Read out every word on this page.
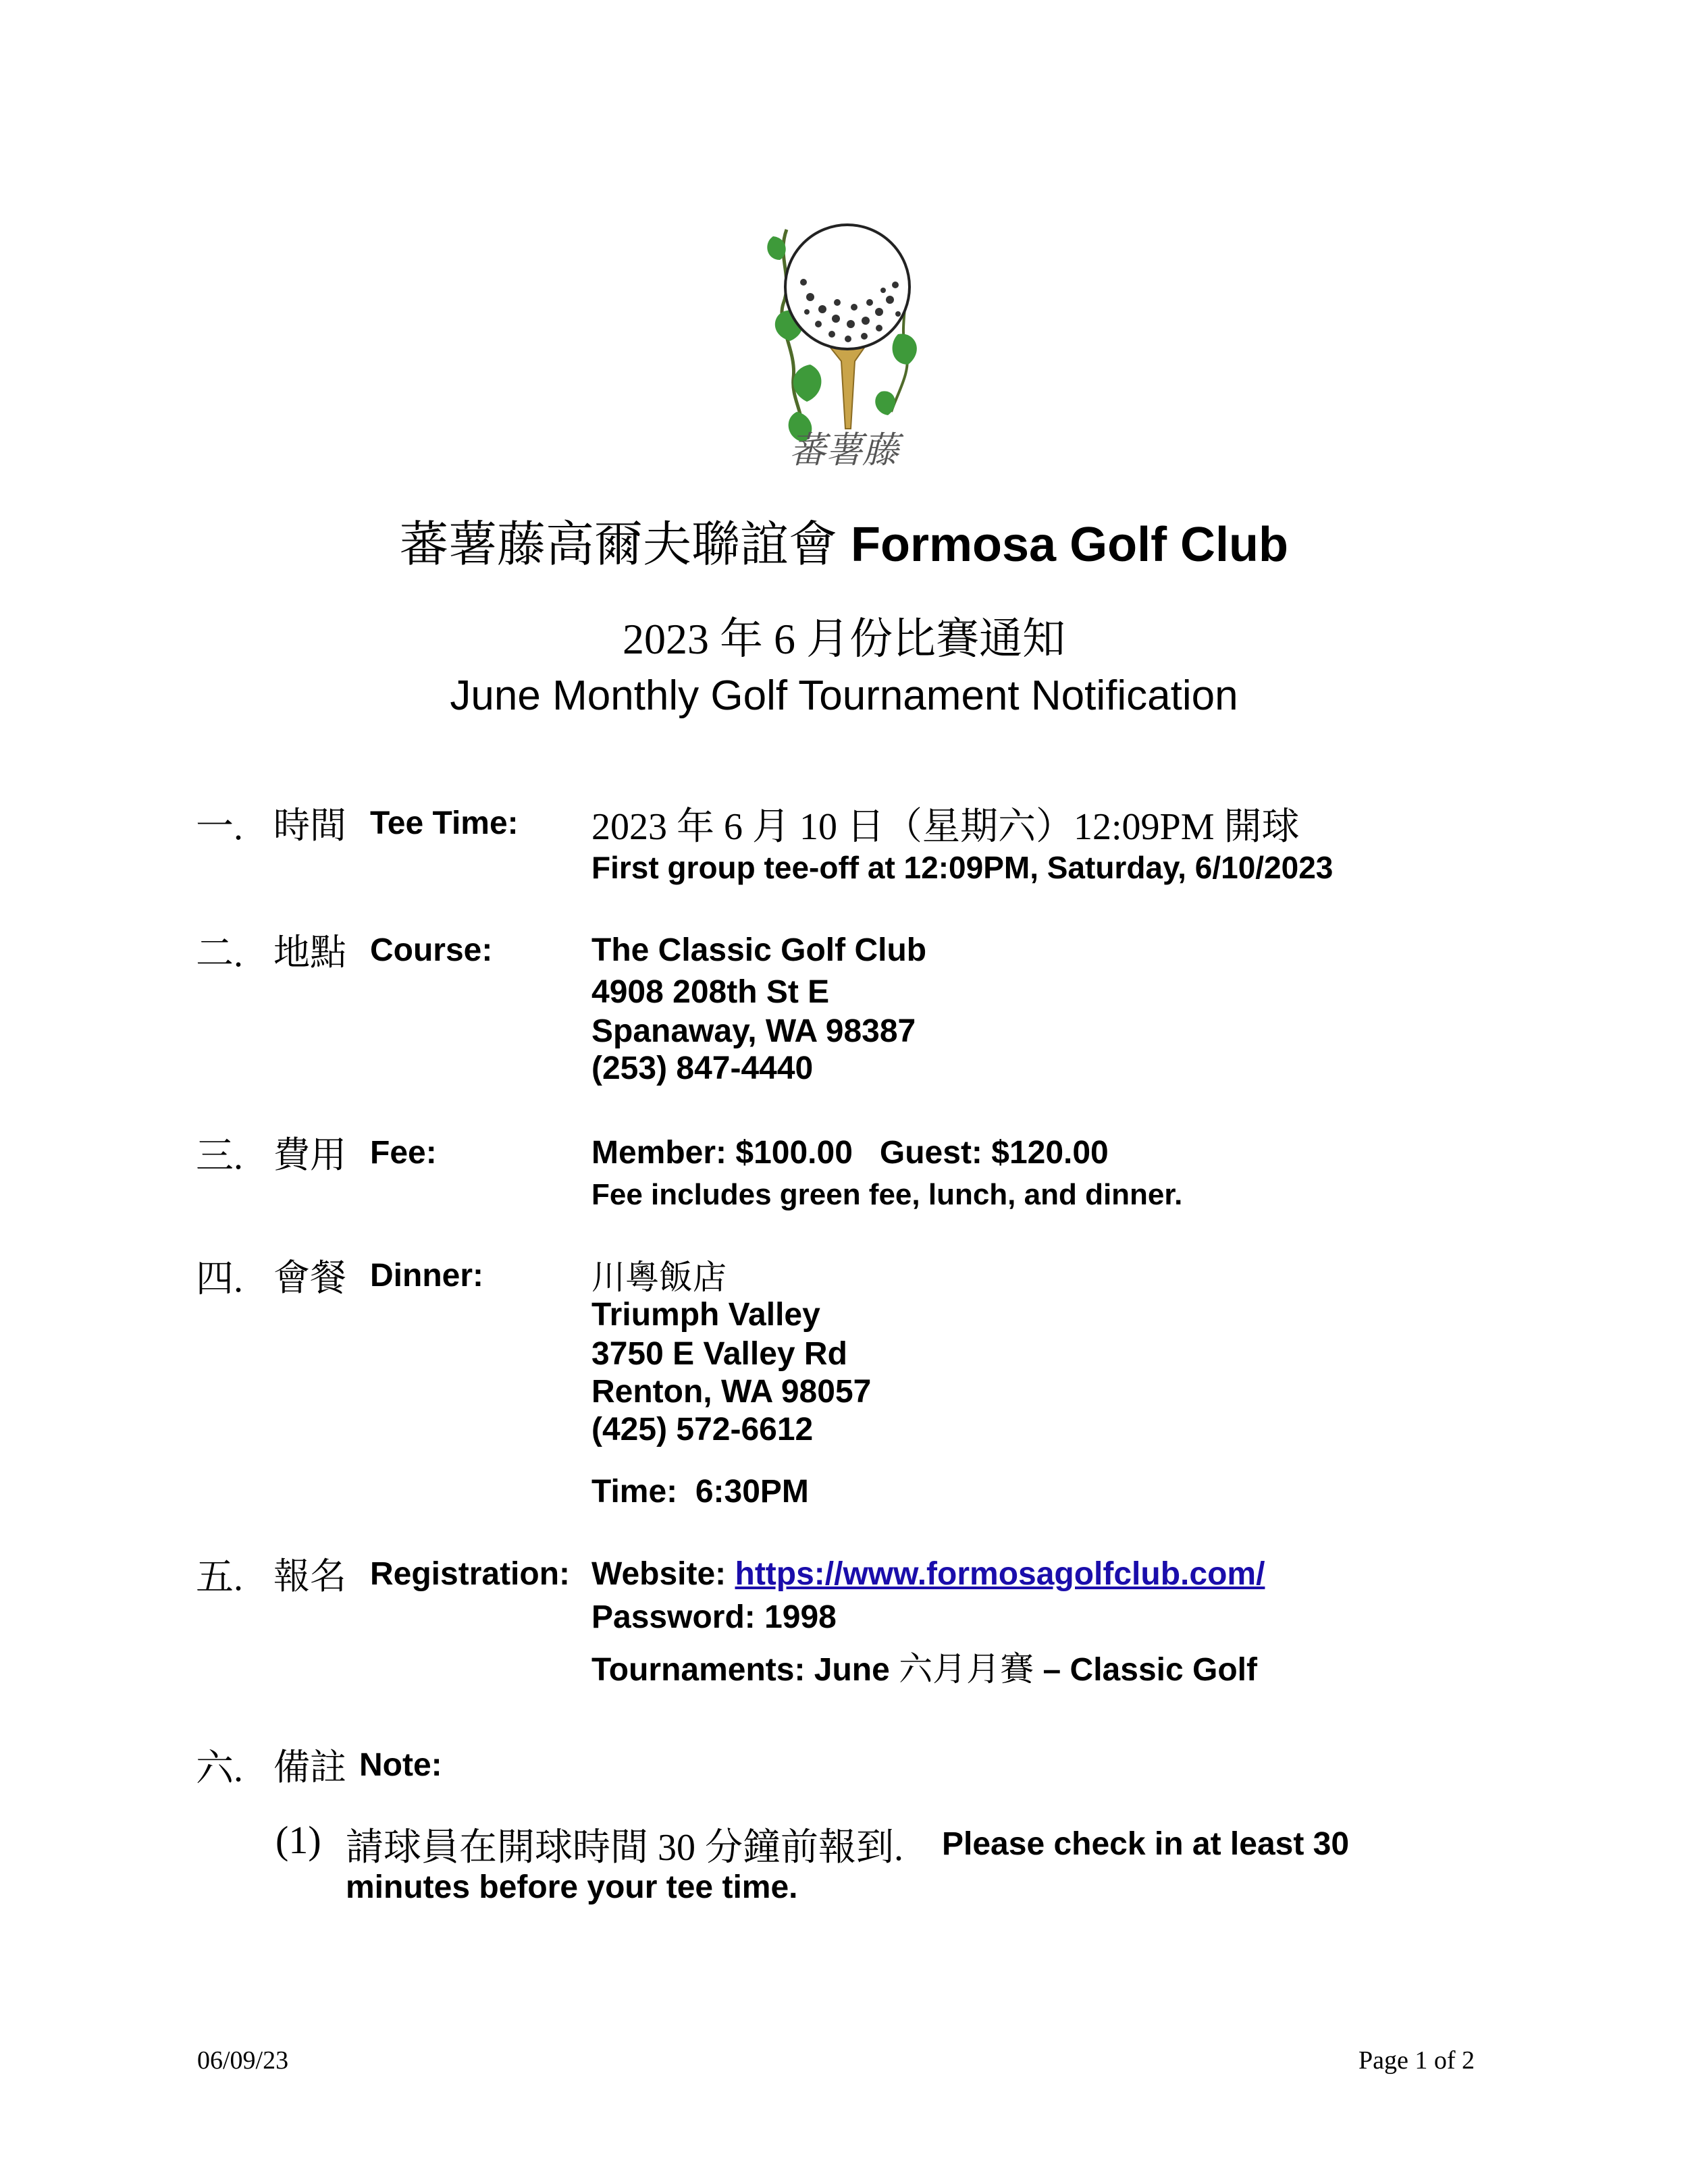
蕃薯藤
蕃薯藤高爾夫聯誼會 Formosa Golf Club
2023 年 6 月份比賽通知
June Monthly Golf Tournament Notification
一. 時間 Tee Time: 2023 年 6 月 10 日（星期六）12:09PM 開球
First group tee-off at 12:09PM, Saturday, 6/10/2023
二. 地點 Course:	The Classic Golf Club
4908 208th St E
Spanaway, WA 98387
(253) 847-4440
三. 費用 Fee:	Member: $100.00   Guest: $120.00
Fee includes green fee, lunch, and dinner.
四. 會餐 Dinner:	川粵飯店
Triumph Valley
3750 E Valley Rd
Renton, WA 98057
(425) 572-6612
Time:  6:30PM
五. 報名 Registration: Website: https://www.formosagolfclub.com/
Password: 1998
Tournaments: June 六月月賽 – Classic Golf
六. 備註 Note:
(1) 請球員在開球時間 30 分鐘前報到. Please check in at least 30
minutes before your tee time.
06/09/23	Page 1 of 2
